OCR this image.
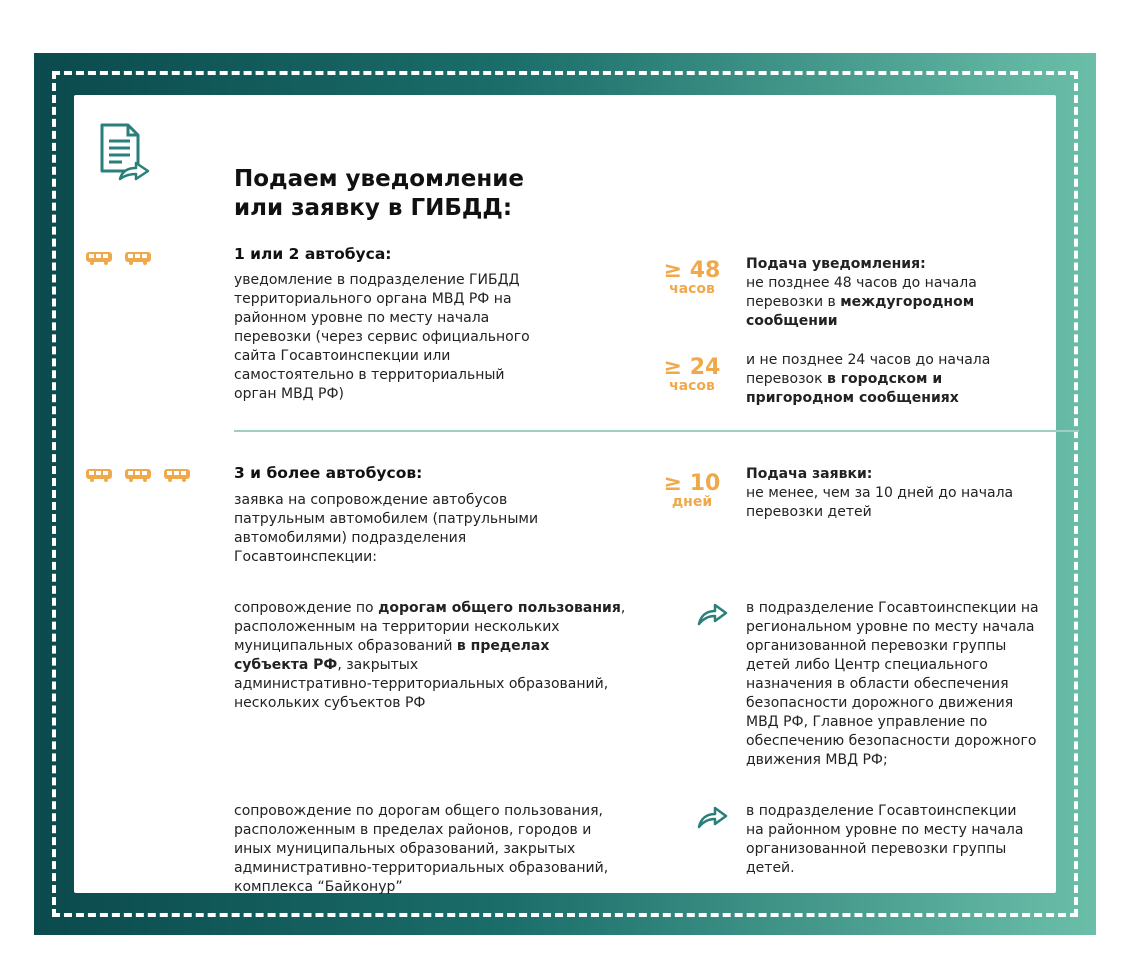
Подаем уведомление
или заявку в ГИБДД:

1 или 2 автобуса:
уведомление в подразделение ГИБДД
территориального органа МВД РФ на
районном уровне по месту начала
перевозки (через сервис официального
сайта Госавтоинспекции или
самостоятельно в территориальный
орган МВД РФ)
≥ 48
часов
≥ 24
часов
Подача уведомления:
не позднее 48 часов до начала
перевозки в междугородном
сообщении
и не позднее 24 часов до начала
перевозок в городском и
пригородном сообщениях

3 и более автобусов:
заявка на сопровождение автобусов
патрульным автомобилем (патрульными
автомобилями) подразделения
Госавтоинспекции:
≥ 10
дней
Подача заявки:
не менее, чем за 10 дней до начала
перевозки детей
сопровождение по дорогам общего пользования,
расположенным на территории нескольких
муниципальных образований в пределах
субъекта РФ, закрытых
административно-территориальных образований,
нескольких субъектов РФ
в подразделение Госавтоинспекции на
региональном уровне по месту начала
организованной перевозки группы
детей либо Центр специального
назначения в области обеспечения
безопасности дорожного движения
МВД РФ, Главное управление по
обеспечению безопасности дорожного
движения МВД РФ;
сопровождение по дорогам общего пользования,
расположенным в пределах районов, городов и
иных муниципальных образований, закрытых
административно-территориальных образований,
комплекса “Байконур”
в подразделение Госавтоинспекции
на районном уровне по месту начала
организованной перевозки группы
детей.
